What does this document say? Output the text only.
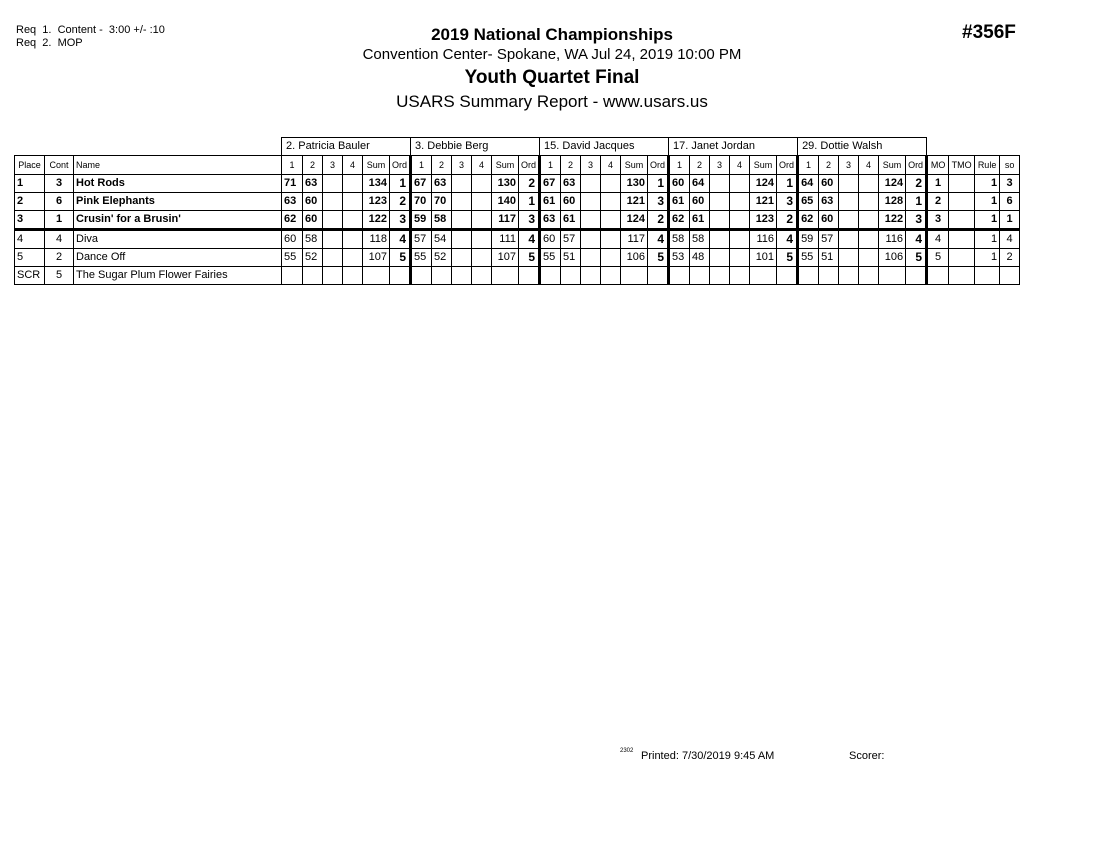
Req  1.  Content -  3:00 +/- :10
Req  2.  MOP	#356F
2019 National Championships
Convention Center- Spokane, WA Jul 24, 2019 10:00 PM
Youth Quartet Final
USARS Summary Report - www.usars.us
			2. Patricia Bauler						3. Debbie Berg						15. David Jacques						17. Janet Jordan						29. Dottie Walsh									
Place	Cont	Name	1	2	3	4	Sum	Ord	1	2	3	4	Sum	Ord	1	2	3	4	Sum	Ord	1	2	3	4	Sum	Ord	1	2	3	4	Sum	Ord	MO	TMO	Rule	so
1	3	Hot Rods	71	63			134	1	67	63			130	2	67	63			130	1	60	64			124	1	64	60			124	2	1		1	3
2	6	Pink Elephants	63	60			123	2	70	70			140	1	61	60			121	3	61	60			121	3	65	63			128	1	2		1	6
3	1	Crusin' for a Brusin'	62	60			122	3	59	58			117	3	63	61			124	2	62	61			123	2	62	60			122	3	3		1	1
4	4	Diva	60	58			118	4	57	54			111	4	60	57			117	4	58	58			116	4	59	57			116	4	4		1	4
5	2	Dance Off	55	52			107	5	55	52			107	5	55	51			106	5	53	48			101	5	55	51			106	5	5		1	2
SCR	5	The Sugar Plum Flower Fairies																																		
2302 Printed: 7/30/2019 9:45 AM	Scorer:
